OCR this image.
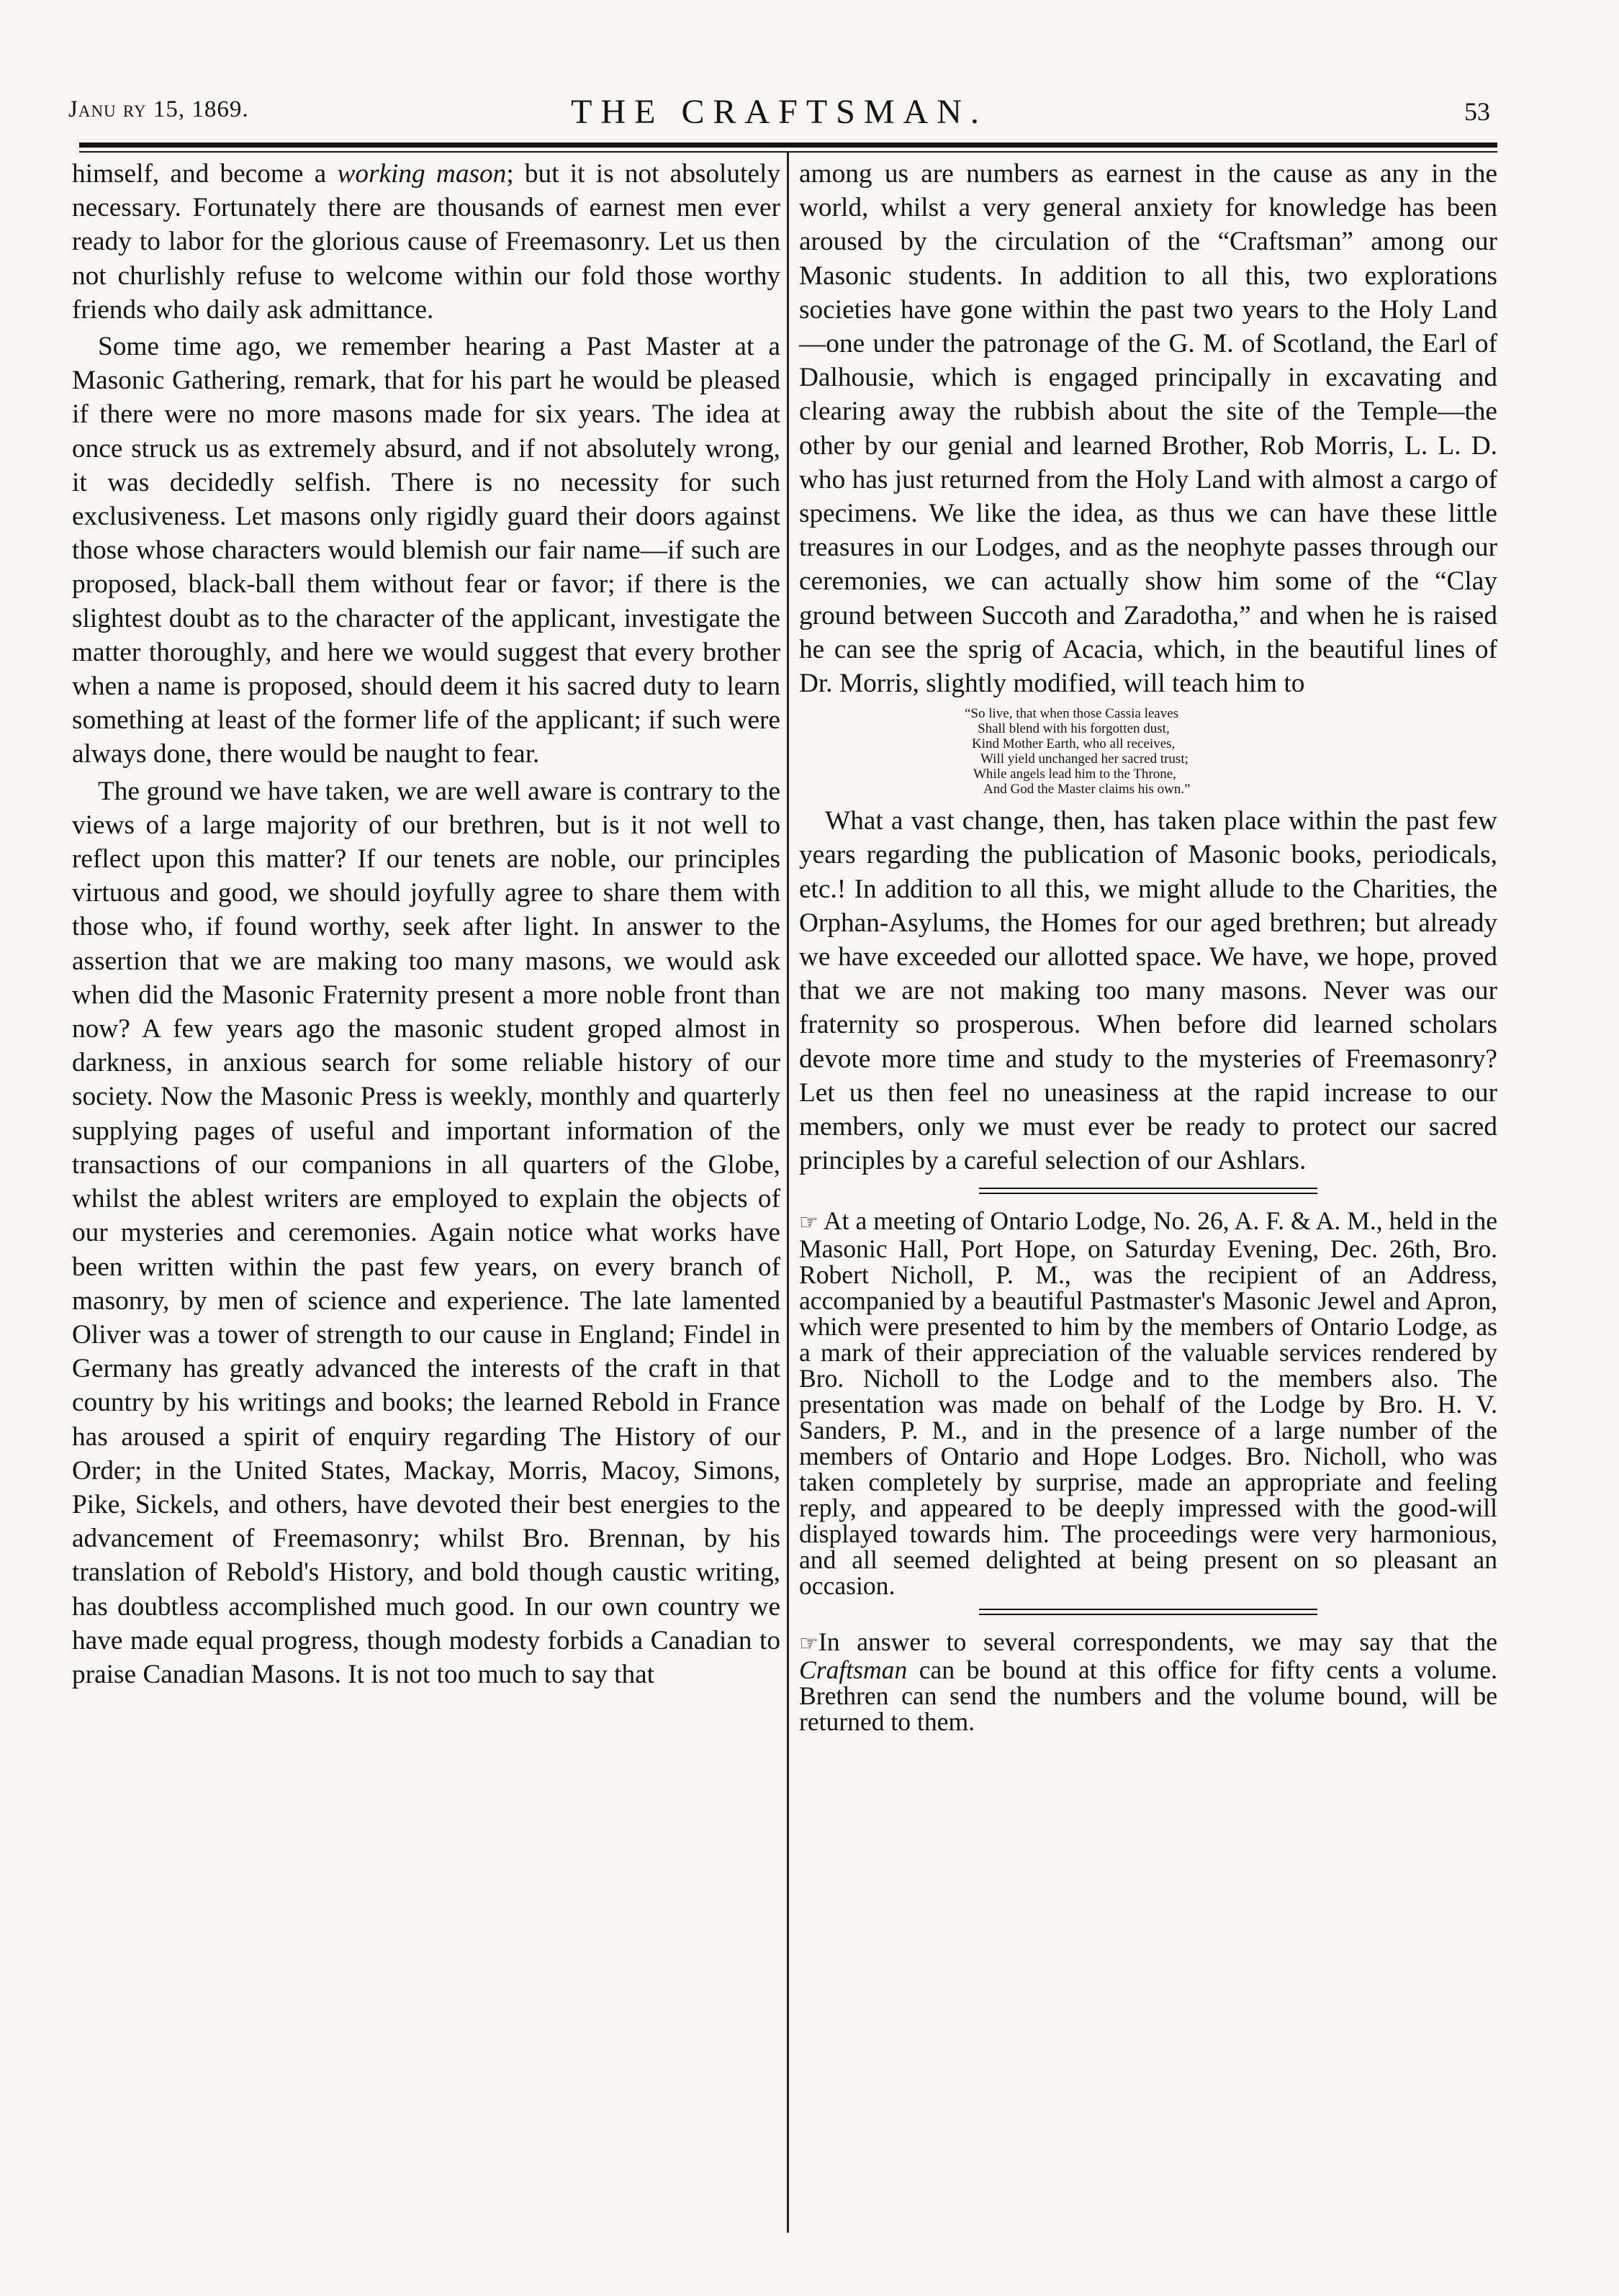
Janu ry 15, 1869.	THE CRAFTSMAN.	53

himself, and become a working mason; but it is not absolutely necessary. Fortunately there are thousands of earnest men ever ready to labor for the glorious cause of Freemasonry. Let us then not churlishly refuse to welcome within our fold those worthy friends who daily ask admittance.

Some time ago, we remember hearing a Past Master at a Masonic Gathering, remark, that for his part he would be pleased if there were no more masons made for six years. The idea at once struck us as extremely absurd, and if not absolutely wrong, it was decidedly selfish. There is no necessity for such exclusiveness. Let masons only rigidly guard their doors against those whose characters would blemish our fair name—if such are proposed, black-ball them without fear or favor; if there is the slightest doubt as to the character of the applicant, investigate the matter thoroughly, and here we would suggest that every brother when a name is proposed, should deem it his sacred duty to learn something at least of the former life of the applicant; if such were always done, there would be naught to fear.

The ground we have taken, we are well aware is contrary to the views of a large majority of our brethren, but is it not well to reflect upon this matter? If our tenets are noble, our principles virtuous and good, we should joyfully agree to share them with those who, if found worthy, seek after light. In answer to the assertion that we are making too many masons, we would ask when did the Masonic Fraternity present a more noble front than now? A few years ago the masonic student groped almost in darkness, in anxious search for some reliable history of our society. Now the Masonic Press is weekly, monthly and quarterly supplying pages of useful and important information of the transactions of our companions in all quarters of the Globe, whilst the ablest writers are employed to explain the objects of our mysteries and ceremonies. Again notice what works have been written within the past few years, on every branch of masonry, by men of science and experience. The late lamented Oliver was a tower of strength to our cause in England; Findel in Germany has greatly advanced the interests of the craft in that country by his writings and books; the learned Rebold in France has aroused a spirit of enquiry regarding The History of our Order; in the United States, Mackay, Morris, Macoy, Simons, Pike, Sickels, and others, have devoted their best energies to the advancement of Freemasonry; whilst Bro. Brennan, by his translation of Rebold's History, and bold though caustic writing, has doubtless accomplished much good. In our own country we have made equal progress, though modesty forbids a Canadian to praise Canadian Masons. It is not too much to say that

among us are numbers as earnest in the cause as any in the world, whilst a very general anxiety for knowledge has been aroused by the circulation of the “Craftsman” among our Masonic students. In addition to all this, two explorations societies have gone within the past two years to the Holy Land—one under the patronage of the G. M. of Scotland, the Earl of Dalhousie, which is engaged principally in excavating and clearing away the rubbish about the site of the Temple—the other by our genial and learned Brother, Rob Morris, L. L. D. who has just returned from the Holy Land with almost a cargo of specimens. We like the idea, as thus we can have these little treasures in our Lodges, and as the neophyte passes through our ceremonies, we can actually show him some of the “Clay ground between Succoth and Zaradotha,” and when he is raised he can see the sprig of Acacia, which, in the beautiful lines of Dr. Morris, slightly modified, will teach him to

“So live, that when those Cassia leaves
Shall blend with his forgotten dust,
Kind Mother Earth, who all receives,
Will yield unchanged her sacred trust;
While angels lead him to the Throne,
And God the Master claims his own.”

What a vast change, then, has taken place within the past few years regarding the publication of Masonic books, periodicals, etc.! In addition to all this, we might allude to the Charities, the Orphan-Asylums, the Homes for our aged brethren; but already we have exceeded our allotted space. We have, we hope, proved that we are not making too many masons. Never was our fraternity so prosperous. When before did learned scholars devote more time and study to the mysteries of Freemasonry? Let us then feel no uneasiness at the rapid increase to our members, only we must ever be ready to protect our sacred principles by a careful selection of our Ashlars.

☞ At a meeting of Ontario Lodge, No. 26, A. F. & A. M., held in the Masonic Hall, Port Hope, on Saturday Evening, Dec. 26th, Bro. Robert Nicholl, P. M., was the recipient of an Address, accompanied by a beautiful Pastmaster's Masonic Jewel and Apron, which were presented to him by the members of Ontario Lodge, as a mark of their appreciation of the valuable services rendered by Bro. Nicholl to the Lodge and to the members also. The presentation was made on behalf of the Lodge by Bro. H. V. Sanders, P. M., and in the presence of a large number of the members of Ontario and Hope Lodges. Bro. Nicholl, who was taken completely by surprise, made an appropriate and feeling reply, and appeared to be deeply impressed with the good-will displayed towards him. The proceedings were very harmonious, and all seemed delighted at being present on so pleasant an occasion.

☞In answer to several correspondents, we may say that the Craftsman can be bound at this office for fifty cents a volume. Brethren can send the numbers and the volume bound, will be returned to them.
